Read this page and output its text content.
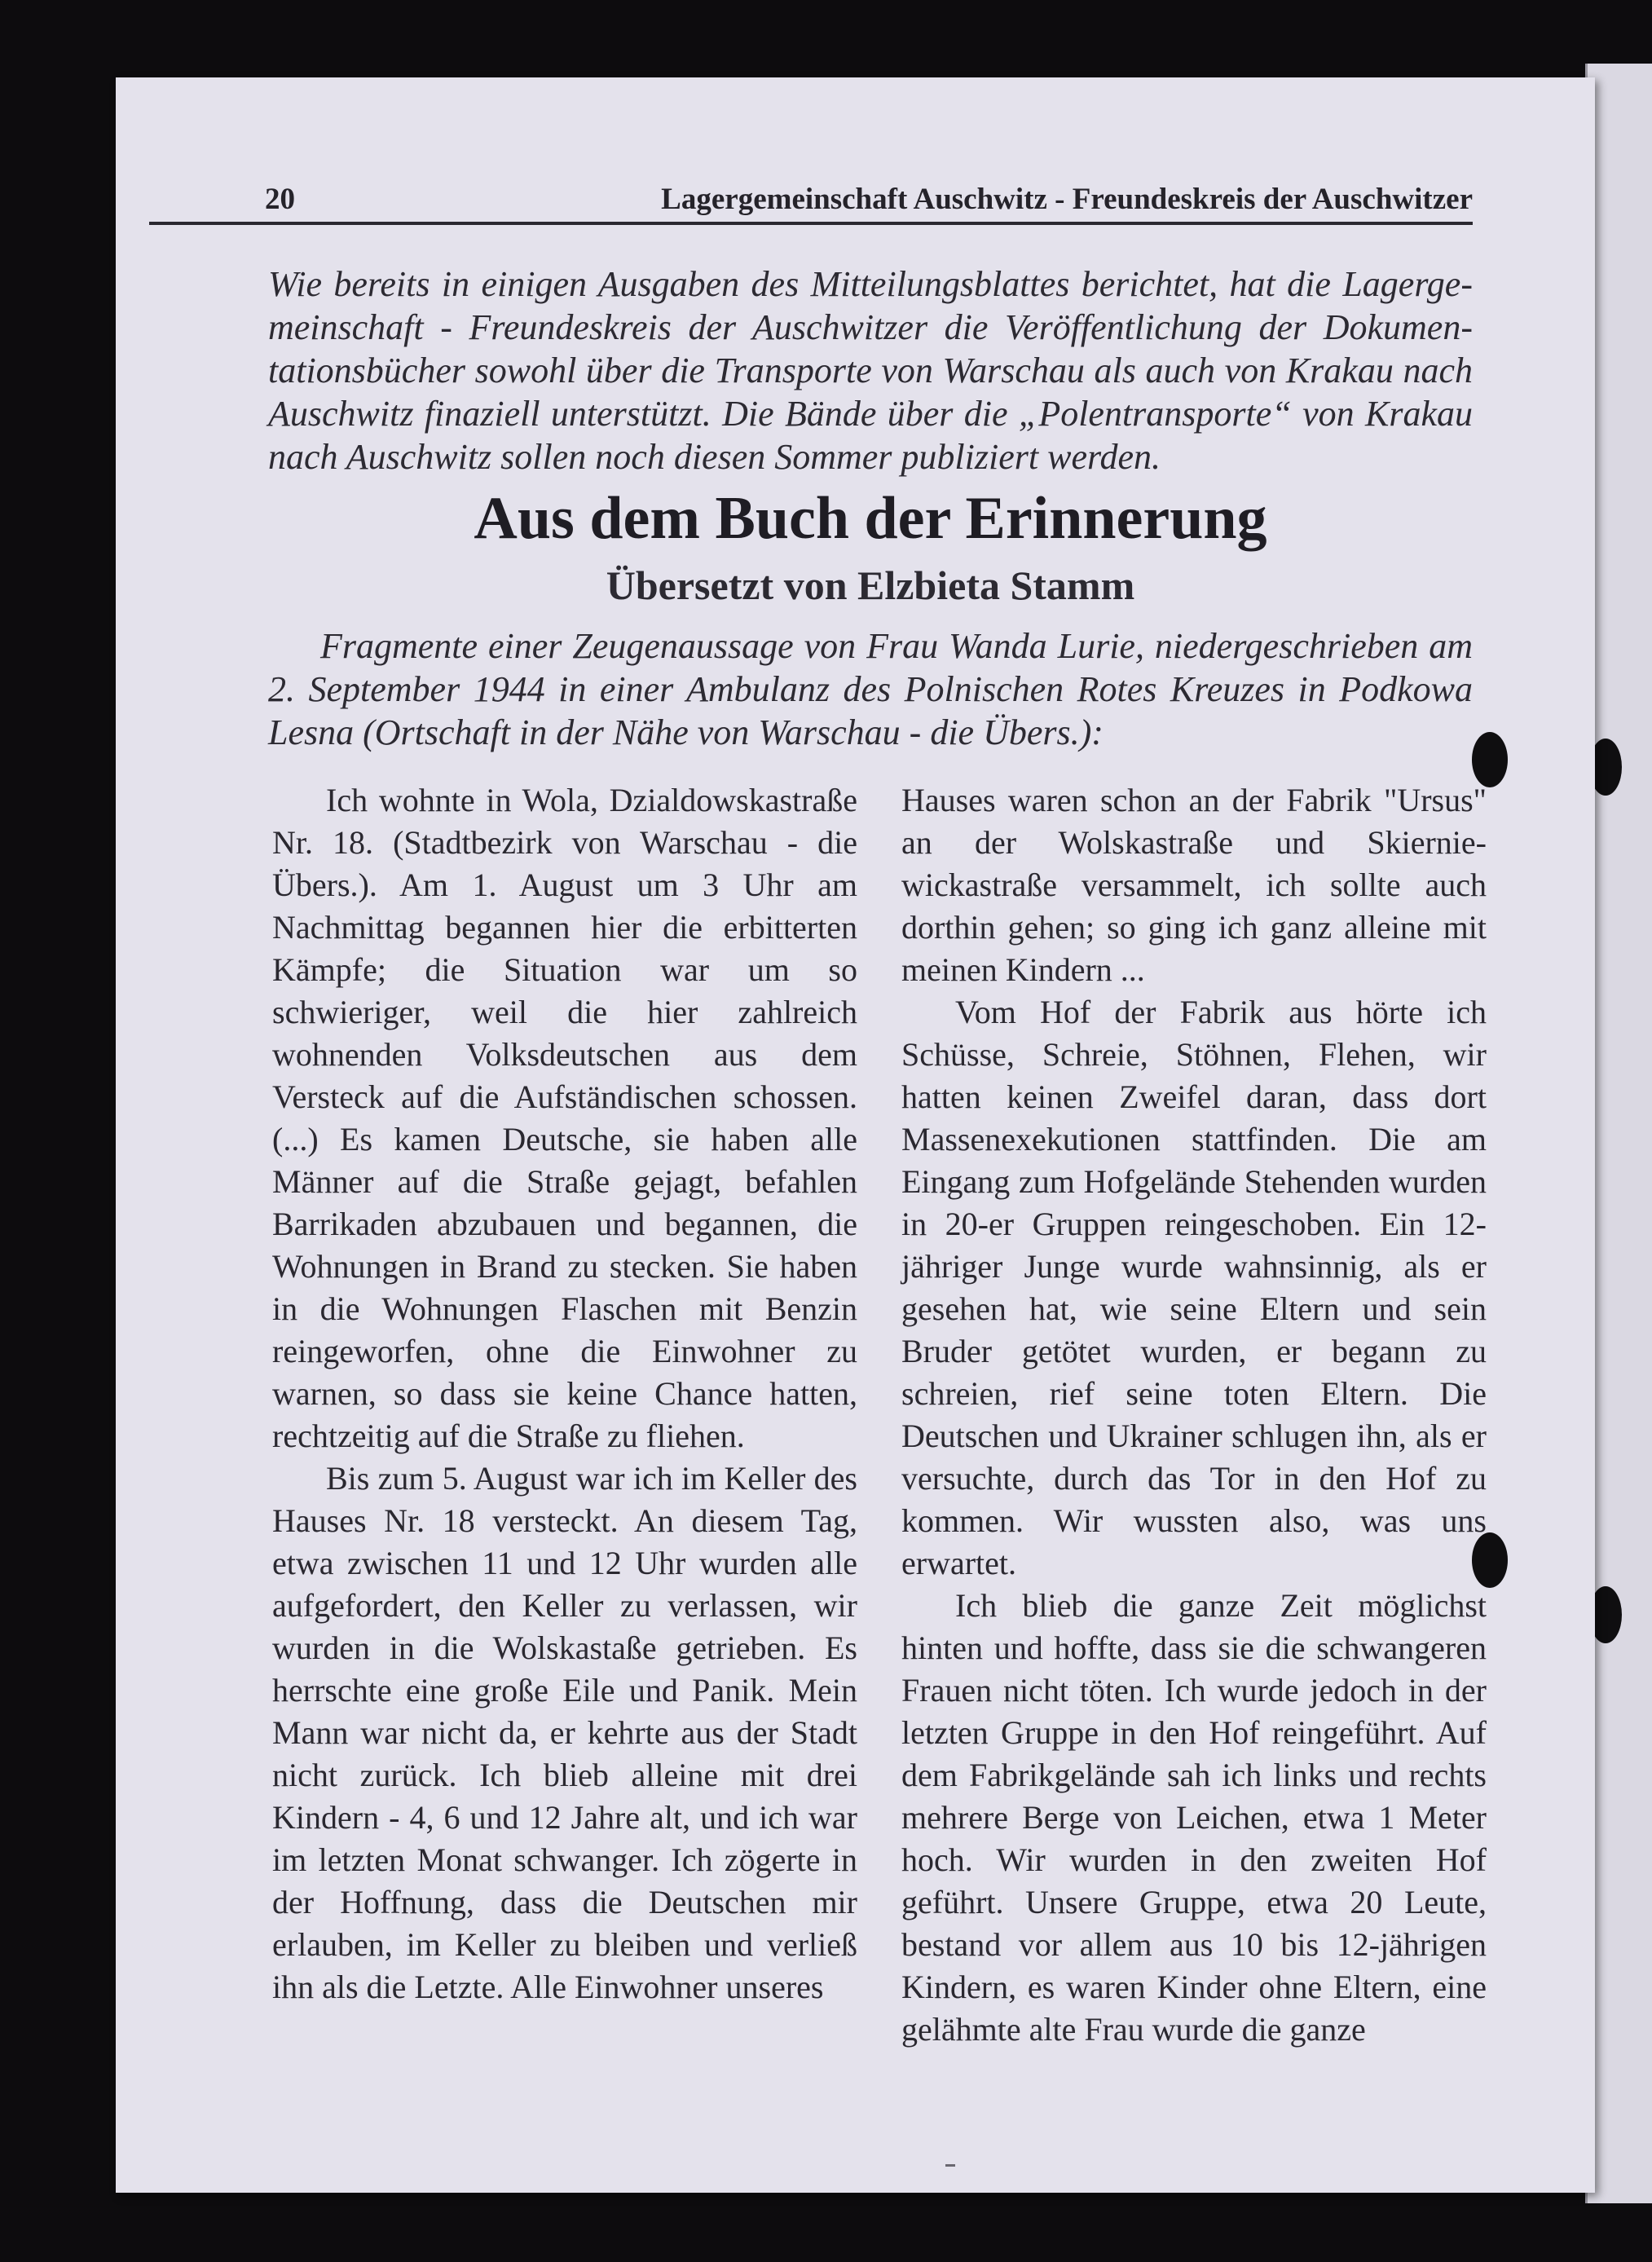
20	Lagergemeinschaft Auschwitz - Freundeskreis der Auschwitzer

Wie bereits in einigen Ausgaben des Mitteilungsblattes berichtet, hat die Lagergemeinschaft - Freundeskreis der Auschwitzer die Veröffentlichung der Dokumentationsbücher sowohl über die Transporte von Warschau als auch von Krakau nach Auschwitz finaziell unterstützt. Die Bände über die „Polentransporte“ von Krakau nach Auschwitz sollen noch diesen Sommer publiziert werden.

Aus dem Buch der Erinnerung
Übersetzt von Elzbieta Stamm

Fragmente einer Zeugenaussage von Frau Wanda Lurie, niedergeschrieben am 2. September 1944 in einer Ambulanz des Polnischen Rotes Kreuzes in Podkowa Lesna (Ortschaft in der Nähe von Warschau - die Übers.):

Ich wohnte in Wola, Dzialdowskastraße Nr. 18. (Stadtbezirk von Warschau - die Übers.). Am 1. August um 3 Uhr am Nachmittag begannen hier die erbitterten Kämpfe; die Situation war um so schwieriger, weil die hier zahlreich wohnenden Volksdeutschen aus dem Versteck auf die Aufständischen schossen. (...) Es kamen Deutsche, sie haben alle Männer auf die Straße gejagt, befahlen Barrikaden abzubauen und begannen, die Wohnungen in Brand zu stecken. Sie haben in die Wohnungen Flaschen mit Benzin reingeworfen, ohne die Einwohner zu warnen, so dass sie keine Chance hatten, rechtzeitig auf die Straße zu fliehen.

Bis zum 5. August war ich im Keller des Hauses Nr. 18 versteckt. An diesem Tag, etwa zwischen 11 und 12 Uhr wurden alle aufgefordert, den Keller zu verlassen, wir wurden in die Wolskastaße getrieben. Es herrschte eine große Eile und Panik. Mein Mann war nicht da, er kehrte aus der Stadt nicht zurück. Ich blieb alleine mit drei Kindern - 4, 6 und 12 Jahre alt, und ich war im letzten Monat schwanger. Ich zögerte in der Hoffnung, dass die Deutschen mir erlauben, im Keller zu bleiben und verließ ihn als die Letzte. Alle Einwohner unseres

Hauses waren schon an der Fabrik "Ursus" an der Wolskastraße und Skierniewickastraße versammelt, ich sollte auch dorthin gehen; so ging ich ganz alleine mit meinen Kindern ...

Vom Hof der Fabrik aus hörte ich Schüsse, Schreie, Stöhnen, Flehen, wir hatten keinen Zweifel daran, dass dort Massenexekutionen stattfinden. Die am Eingang zum Hofgelände Stehenden wurden in 20-er Gruppen reingeschoben. Ein 12-jähriger Junge wurde wahnsinnig, als er gesehen hat, wie seine Eltern und sein Bruder getötet wurden, er begann zu schreien, rief seine toten Eltern. Die Deutschen und Ukrainer schlugen ihn, als er versuchte, durch das Tor in den Hof zu kommen. Wir wussten also, was uns erwartet.

Ich blieb die ganze Zeit möglichst hinten und hoffte, dass sie die schwangeren Frauen nicht töten. Ich wurde jedoch in der letzten Gruppe in den Hof reingeführt. Auf dem Fabrikgelände sah ich links und rechts mehrere Berge von Leichen, etwa 1 Meter hoch. Wir wurden in den zweiten Hof geführt. Unsere Gruppe, etwa 20 Leute, bestand vor allem aus 10 bis 12-jährigen Kindern, es waren Kinder ohne Eltern, eine gelähmte alte Frau wurde die ganze
